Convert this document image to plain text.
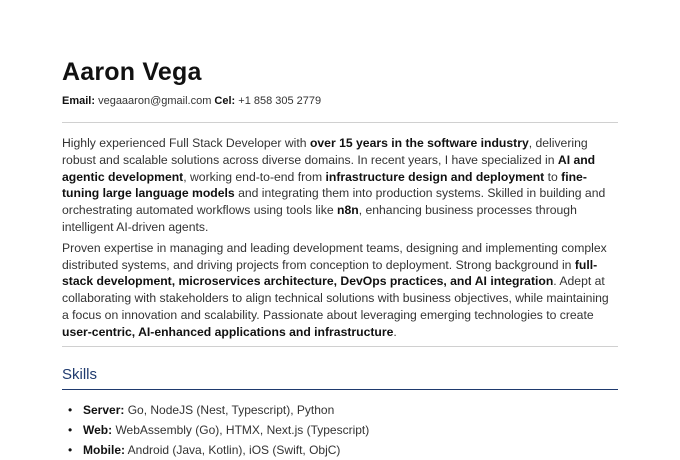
Aaron Vega
Email: vegaaaron@gmail.com Cel: +1 858 305 2779

Highly experienced Full Stack Developer with over 15 years in the software industry, delivering robust and scalable solutions across diverse domains. In recent years, I have specialized in AI and agentic development, working end-to-end from infrastructure design and deployment to fine-tuning large language models and integrating them into production systems. Skilled in building and orchestrating automated workflows using tools like n8n, enhancing business processes through intelligent AI-driven agents.

Proven expertise in managing and leading development teams, designing and implementing complex distributed systems, and driving projects from conception to deployment. Strong background in full-stack development, microservices architecture, DevOps practices, and AI integration. Adept at collaborating with stakeholders to align technical solutions with business objectives, while maintaining a focus on innovation and scalability. Passionate about leveraging emerging technologies to create user-centric, AI-enhanced applications and infrastructure.

Skills
• Server: Go, NodeJS (Nest, Typescript), Python
• Web: WebAssembly (Go), HTMX, Next.js (Typescript)
• Mobile: Android (Java, Kotlin), iOS (Swift, ObjC)
